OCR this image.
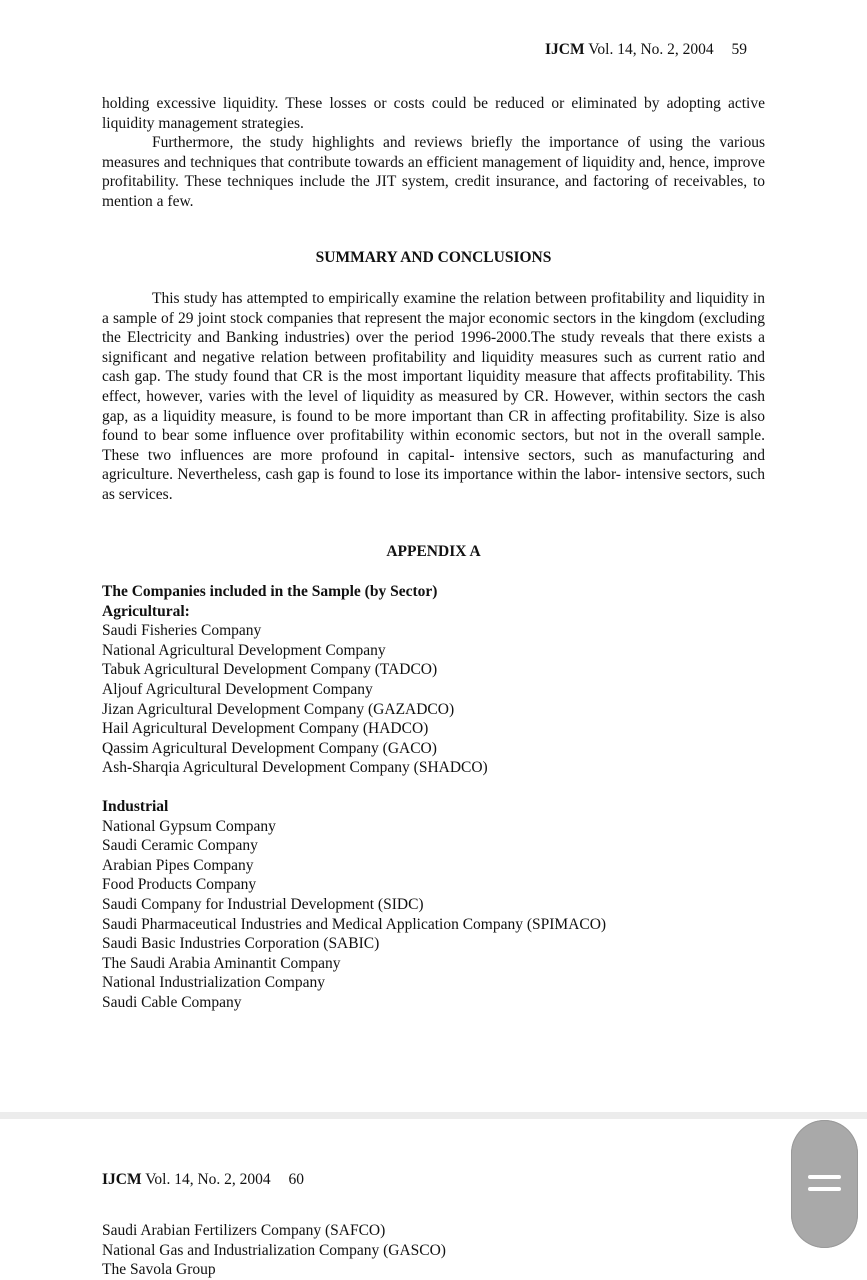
IJCM Vol. 14, No. 2, 2004 59

holding excessive liquidity. These losses or costs could be reduced or eliminated by adopting active liquidity management strategies.

Furthermore, the study highlights and reviews briefly the importance of using the various measures and techniques that contribute towards an efficient management of liquidity and, hence, improve profitability. These techniques include the JIT system, credit insurance, and factoring of receivables, to mention a few.

SUMMARY AND CONCLUSIONS

This study has attempted to empirically examine the relation between profitability and liquidity in a sample of 29 joint stock companies that represent the major economic sectors in the kingdom (excluding the Electricity and Banking industries) over the period 1996-2000.The study reveals that there exists a significant and negative relation between profitability and liquidity measures such as current ratio and cash gap. The study found that CR is the most important liquidity measure that affects profitability. This effect, however, varies with the level of liquidity as measured by CR. However, within sectors the cash gap, as a liquidity measure, is found to be more important than CR in affecting profitability. Size is also found to bear some influence over profitability within economic sectors, but not in the overall sample. These two influences are more profound in capital- intensive sectors, such as manufacturing and agriculture. Nevertheless, cash gap is found to lose its importance within the labor- intensive sectors, such as services.

APPENDIX A
The Companies included in the Sample (by Sector)
Agricultural:
Saudi Fisheries Company
National Agricultural Development Company
Tabuk Agricultural Development Company (TADCO)
Aljouf Agricultural Development Company
Jizan Agricultural Development Company (GAZADCO)
Hail Agricultural Development Company (HADCO)
Qassim Agricultural Development Company (GACO)
Ash-Sharqia Agricultural Development Company (SHADCO)
Industrial
National Gypsum Company
Saudi Ceramic Company
Arabian Pipes Company
Food Products Company
Saudi Company for Industrial Development (SIDC)
Saudi Pharmaceutical Industries and Medical Application Company (SPIMACO)
Saudi Basic Industries Corporation (SABIC)
The Saudi Arabia Aminantit Company
National Industrialization Company
Saudi Cable Company
IJCM Vol. 14, No. 2, 2004 60
Saudi Arabian Fertilizers Company (SAFCO)
National Gas and Industrialization Company (GASCO)
The Savola Group
